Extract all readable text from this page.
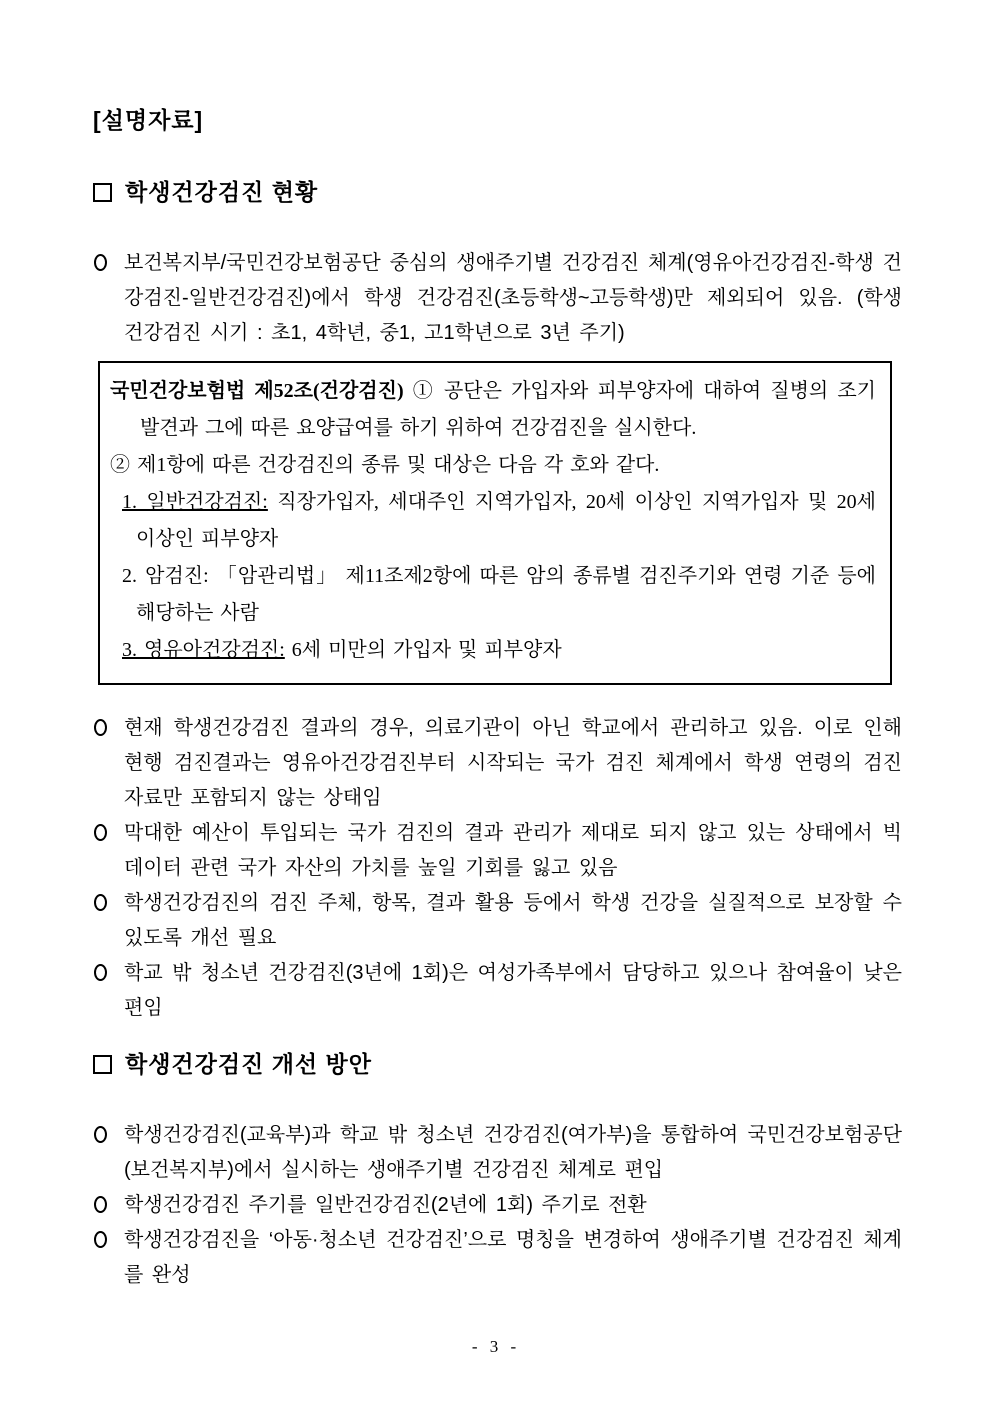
[설명자료]
학생건강검진 현황

보건복지부/국민건강보험공단 중심의 생애주기별 건강검진 체계(영유아건강검진-학생 건강검진-일반건강검진)에서 학생 건강검진(초등학생~고등학생)만 제외되어 있음. (학생 건강검진 시기 : 초1, 4학년, 중1, 고1학년으로 3년 주기)

국민건강보험법 제52조(건강검진) ① 공단은 가입자와 피부양자에 대하여 질병의 조기 발견과 그에 따른 요양급여를 하기 위하여 건강검진을 실시한다.

② 제1항에 따른 건강검진의 종류 및 대상은 다음 각 호와 같다.

1. 일반건강검진: 직장가입자, 세대주인 지역가입자, 20세 이상인 지역가입자 및 20세 이상인 피부양자

2. 암검진: 「암관리법」 제11조제2항에 따른 암의 종류별 검진주기와 연령 기준 등에 해당하는 사람

3. 영유아건강검진: 6세 미만의 가입자 및 피부양자

현재 학생건강검진 결과의 경우, 의료기관이 아닌 학교에서 관리하고 있음. 이로 인해 현행 검진결과는 영유아건강검진부터 시작되는 국가 검진 체계에서 학생 연령의 검진 자료만 포함되지 않는 상태임

막대한 예산이 투입되는 국가 검진의 결과 관리가 제대로 되지 않고 있는 상태에서 빅데이터 관련 국가 자산의 가치를 높일 기회를 잃고 있음

학생건강검진의 검진 주체, 항목, 결과 활용 등에서 학생 건강을 실질적으로 보장할 수 있도록 개선 필요

학교 밖 청소년 건강검진(3년에 1회)은 여성가족부에서 담당하고 있으나 참여율이 낮은 편임

학생건강검진 개선 방안

학생건강검진(교육부)과 학교 밖 청소년 건강검진(여가부)을 통합하여 국민건강보험공단(보건복지부)에서 실시하는 생애주기별 건강검진 체계로 편입

학생건강검진 주기를 일반건강검진(2년에 1회) 주기로 전환

학생건강검진을 ‘아동·청소년 건강검진’으로 명칭을 변경하여 생애주기별 건강검진 체계를 완성

- 3 -
